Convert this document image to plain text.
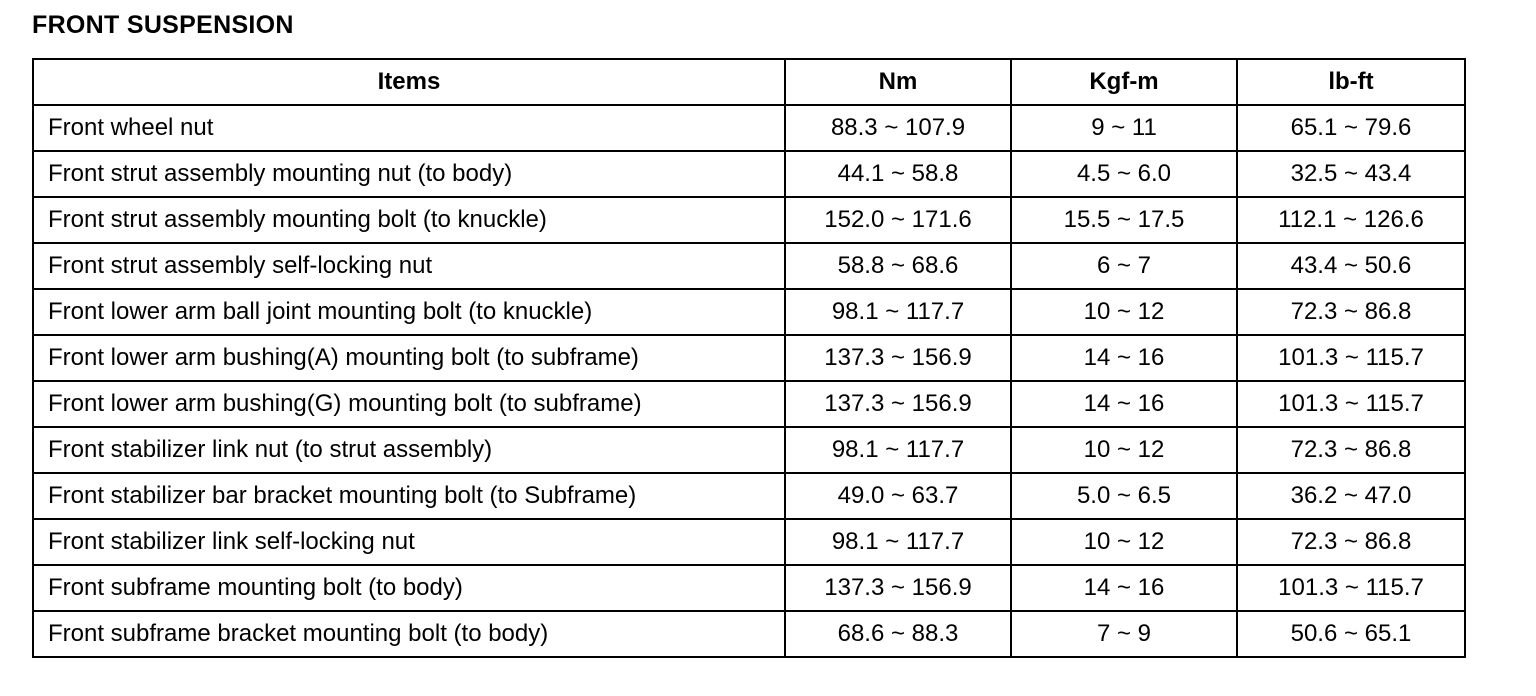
FRONT SUSPENSION
Items	Nm	Kgf-m	lb-ft
Front wheel nut	88.3 ~ 107.9	9 ~ 11	65.1 ~ 79.6
Front strut assembly mounting nut (to body)	44.1 ~ 58.8	4.5 ~ 6.0	32.5 ~ 43.4
Front strut assembly mounting bolt (to knuckle)	152.0 ~ 171.6	15.5 ~ 17.5	112.1 ~ 126.6
Front strut assembly self-locking nut	58.8 ~ 68.6	6 ~ 7	43.4 ~ 50.6
Front lower arm ball joint mounting bolt (to knuckle)	98.1 ~ 117.7	10 ~ 12	72.3 ~ 86.8
Front lower arm bushing(A) mounting bolt (to subframe)	137.3 ~ 156.9	14 ~ 16	101.3 ~ 115.7
Front lower arm bushing(G) mounting bolt (to subframe)	137.3 ~ 156.9	14 ~ 16	101.3 ~ 115.7
Front stabilizer link nut (to strut assembly)	98.1 ~ 117.7	10 ~ 12	72.3 ~ 86.8
Front stabilizer bar bracket mounting bolt (to Subframe)	49.0 ~ 63.7	5.0 ~ 6.5	36.2 ~ 47.0
Front stabilizer link self-locking nut	98.1 ~ 117.7	10 ~ 12	72.3 ~ 86.8
Front subframe mounting bolt (to body)	137.3 ~ 156.9	14 ~ 16	101.3 ~ 115.7
Front subframe bracket mounting bolt (to body)	68.6 ~ 88.3	7 ~ 9	50.6 ~ 65.1
